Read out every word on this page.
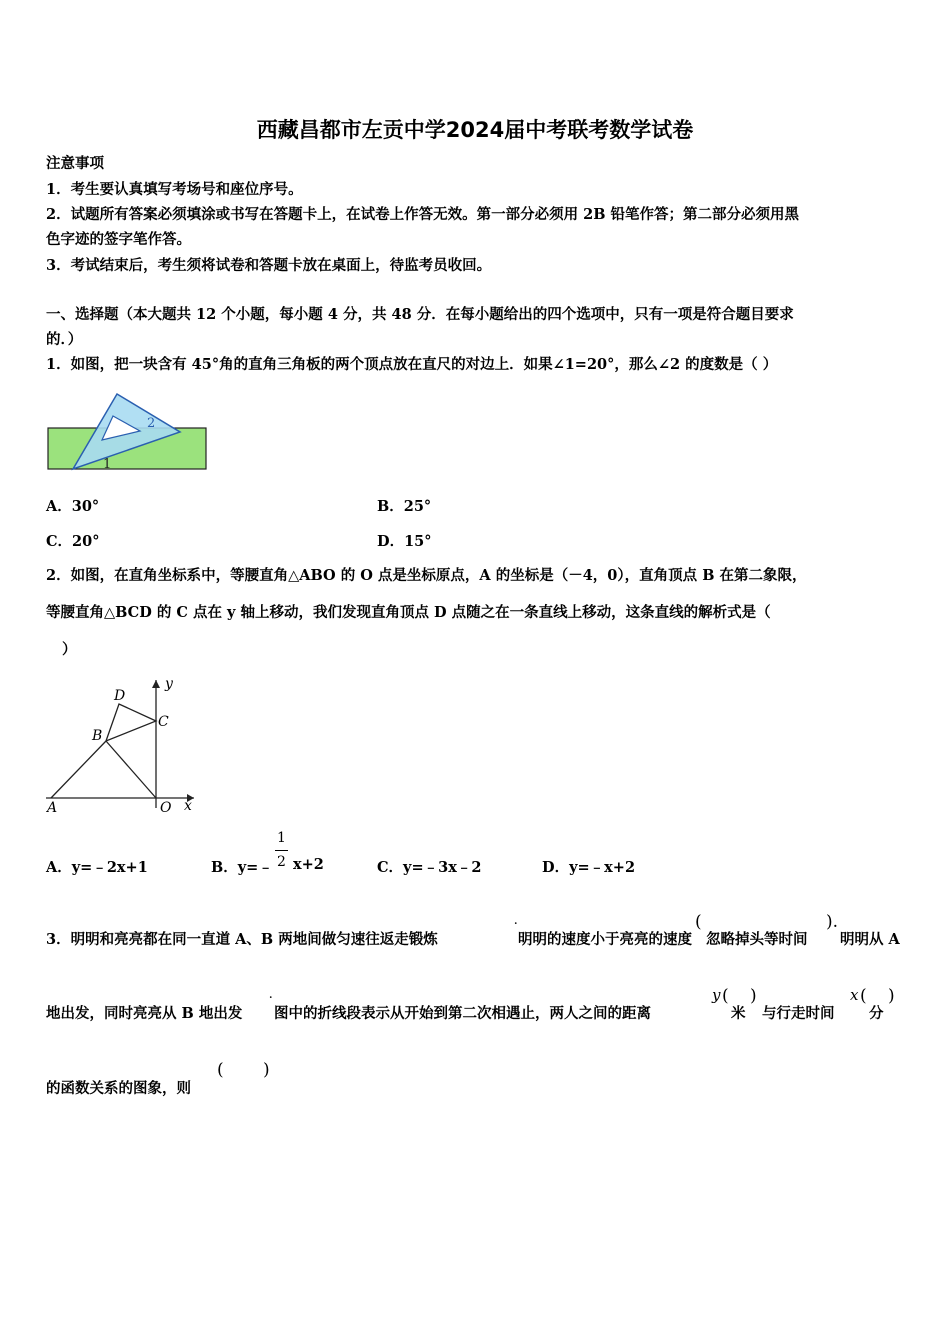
西藏昌都市左贡中学2024届中考联考数学试卷
注意事项
1．考生要认真填写考场号和座位序号。
2．试题所有答案必须填涂或书写在答题卡上，在试卷上作答无效。第一部分必须用 2B 铅笔作答；第二部分必须用黑
色字迹的签字笔作答。
3．考试结束后，考生须将试卷和答题卡放在桌面上，待监考员收回。
一、选择题（本大题共 12 个小题，每小题 4 分，共 48 分．在每小题给出的四个选项中，只有一项是符合题目要求
的．）
1．如图，把一块含有 45°角的直角三角板的两个顶点放在直尺的对边上．如果∠1=20°，那么∠2 的度数是（ ）
2
1
A．30°	B．25°
C．20°	D．15°
2．如图，在直角坐标系中，等腰直角△ABO 的 O 点是坐标原点，A 的坐标是（－4，0），直角顶点 B 在第二象限，
等腰直角△BCD 的 C 点在 y 轴上移动，我们发现直角顶点 D 点随之在一条直线上移动，这条直线的解析式是（
）
D
B
C
A	O x
y
A．y=﹣2x+1	B．y=﹣
1
2 x+2	C．y=﹣3x﹣2	D．y=﹣x+2
3．明明和亮亮都在同一直道 A、B 两地间做匀速往返走锻炼
˙
明明的速度小于亮亮的速度
(
忽略掉头等时间
).
明明从 A
地出发，同时亮亮从 B 地出发
˙
图中的折线段表示从开始到第二次相遇止，两人之间的距离
y (
米
)
与行走时间
x (
分
)
的函数关系的图象，则
( )
